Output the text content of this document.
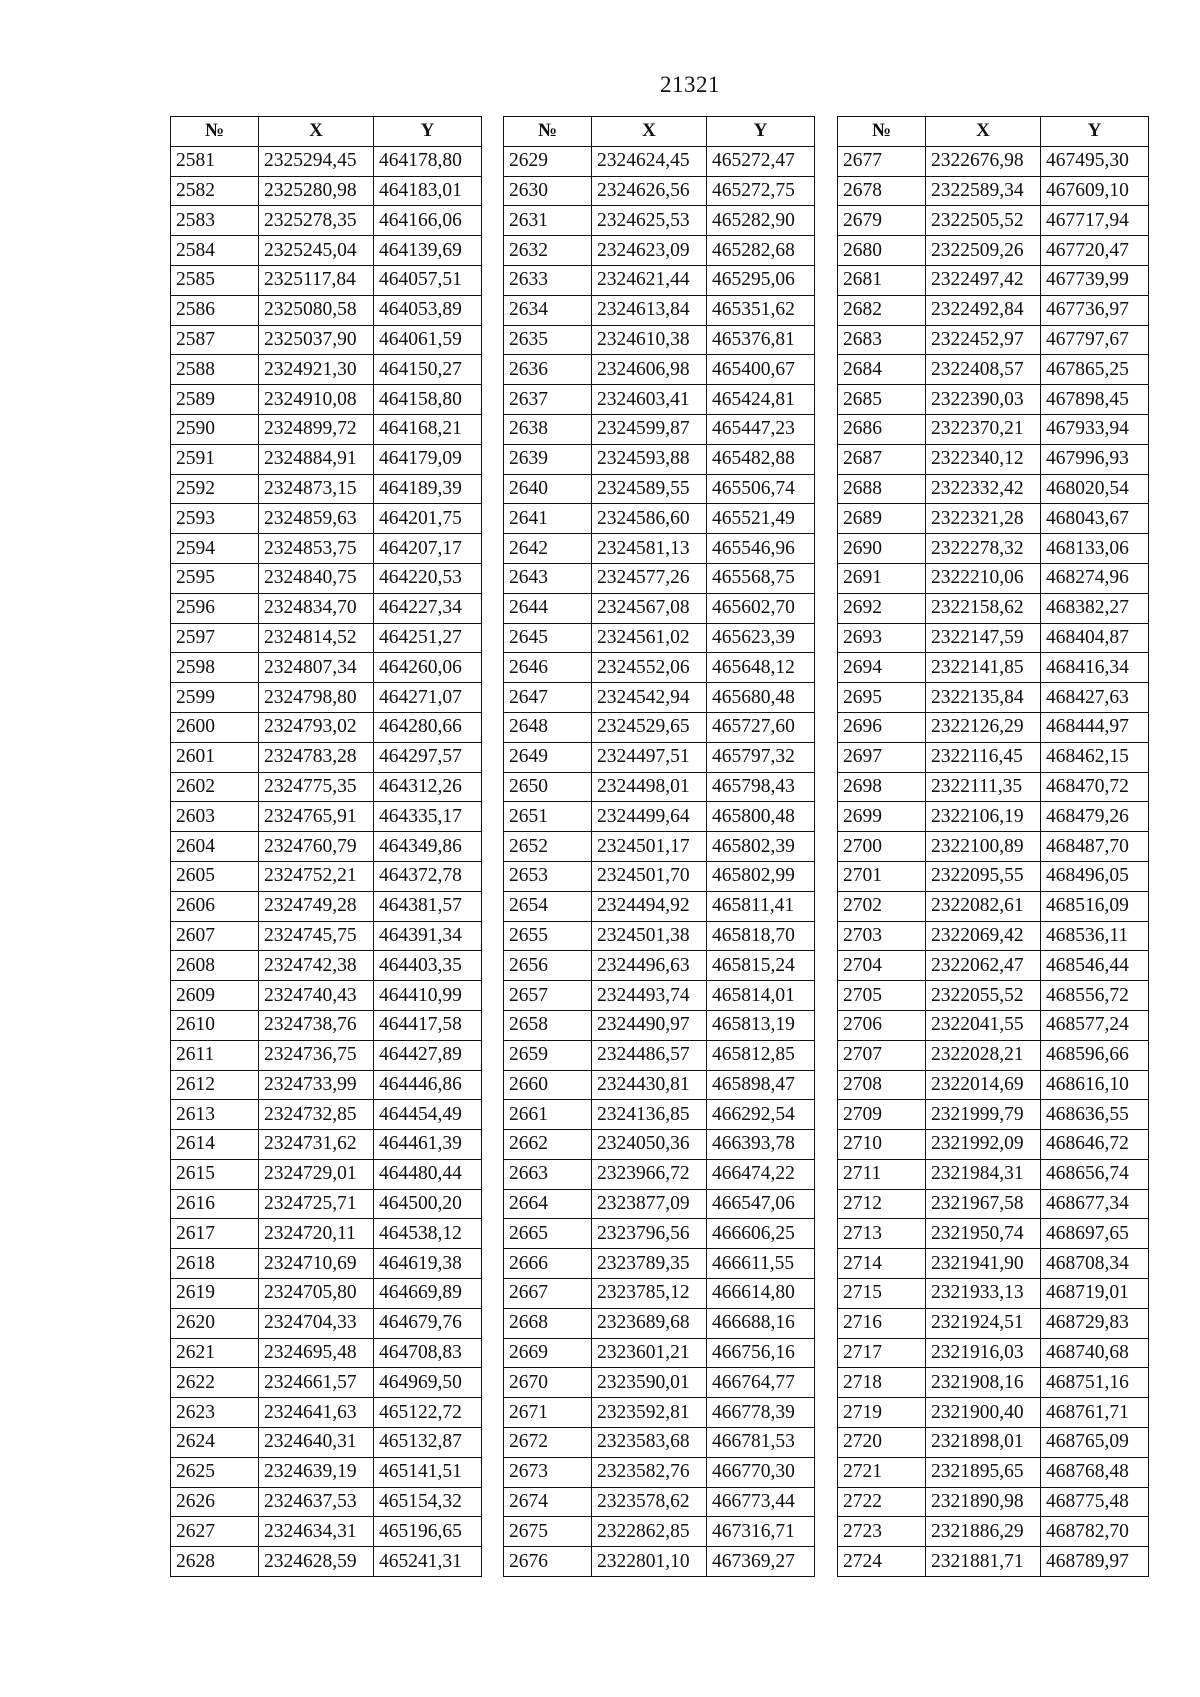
21321
№	X	Y
2581	2325294,45	464178,80
2582	2325280,98	464183,01
2583	2325278,35	464166,06
2584	2325245,04	464139,69
2585	2325117,84	464057,51
2586	2325080,58	464053,89
2587	2325037,90	464061,59
2588	2324921,30	464150,27
2589	2324910,08	464158,80
2590	2324899,72	464168,21
2591	2324884,91	464179,09
2592	2324873,15	464189,39
2593	2324859,63	464201,75
2594	2324853,75	464207,17
2595	2324840,75	464220,53
2596	2324834,70	464227,34
2597	2324814,52	464251,27
2598	2324807,34	464260,06
2599	2324798,80	464271,07
2600	2324793,02	464280,66
2601	2324783,28	464297,57
2602	2324775,35	464312,26
2603	2324765,91	464335,17
2604	2324760,79	464349,86
2605	2324752,21	464372,78
2606	2324749,28	464381,57
2607	2324745,75	464391,34
2608	2324742,38	464403,35
2609	2324740,43	464410,99
2610	2324738,76	464417,58
2611	2324736,75	464427,89
2612	2324733,99	464446,86
2613	2324732,85	464454,49
2614	2324731,62	464461,39
2615	2324729,01	464480,44
2616	2324725,71	464500,20
2617	2324720,11	464538,12
2618	2324710,69	464619,38
2619	2324705,80	464669,89
2620	2324704,33	464679,76
2621	2324695,48	464708,83
2622	2324661,57	464969,50
2623	2324641,63	465122,72
2624	2324640,31	465132,87
2625	2324639,19	465141,51
2626	2324637,53	465154,32
2627	2324634,31	465196,65
2628	2324628,59	465241,31
№	X	Y
2629	2324624,45	465272,47
2630	2324626,56	465272,75
2631	2324625,53	465282,90
2632	2324623,09	465282,68
2633	2324621,44	465295,06
2634	2324613,84	465351,62
2635	2324610,38	465376,81
2636	2324606,98	465400,67
2637	2324603,41	465424,81
2638	2324599,87	465447,23
2639	2324593,88	465482,88
2640	2324589,55	465506,74
2641	2324586,60	465521,49
2642	2324581,13	465546,96
2643	2324577,26	465568,75
2644	2324567,08	465602,70
2645	2324561,02	465623,39
2646	2324552,06	465648,12
2647	2324542,94	465680,48
2648	2324529,65	465727,60
2649	2324497,51	465797,32
2650	2324498,01	465798,43
2651	2324499,64	465800,48
2652	2324501,17	465802,39
2653	2324501,70	465802,99
2654	2324494,92	465811,41
2655	2324501,38	465818,70
2656	2324496,63	465815,24
2657	2324493,74	465814,01
2658	2324490,97	465813,19
2659	2324486,57	465812,85
2660	2324430,81	465898,47
2661	2324136,85	466292,54
2662	2324050,36	466393,78
2663	2323966,72	466474,22
2664	2323877,09	466547,06
2665	2323796,56	466606,25
2666	2323789,35	466611,55
2667	2323785,12	466614,80
2668	2323689,68	466688,16
2669	2323601,21	466756,16
2670	2323590,01	466764,77
2671	2323592,81	466778,39
2672	2323583,68	466781,53
2673	2323582,76	466770,30
2674	2323578,62	466773,44
2675	2322862,85	467316,71
2676	2322801,10	467369,27
№	X	Y
2677	2322676,98	467495,30
2678	2322589,34	467609,10
2679	2322505,52	467717,94
2680	2322509,26	467720,47
2681	2322497,42	467739,99
2682	2322492,84	467736,97
2683	2322452,97	467797,67
2684	2322408,57	467865,25
2685	2322390,03	467898,45
2686	2322370,21	467933,94
2687	2322340,12	467996,93
2688	2322332,42	468020,54
2689	2322321,28	468043,67
2690	2322278,32	468133,06
2691	2322210,06	468274,96
2692	2322158,62	468382,27
2693	2322147,59	468404,87
2694	2322141,85	468416,34
2695	2322135,84	468427,63
2696	2322126,29	468444,97
2697	2322116,45	468462,15
2698	2322111,35	468470,72
2699	2322106,19	468479,26
2700	2322100,89	468487,70
2701	2322095,55	468496,05
2702	2322082,61	468516,09
2703	2322069,42	468536,11
2704	2322062,47	468546,44
2705	2322055,52	468556,72
2706	2322041,55	468577,24
2707	2322028,21	468596,66
2708	2322014,69	468616,10
2709	2321999,79	468636,55
2710	2321992,09	468646,72
2711	2321984,31	468656,74
2712	2321967,58	468677,34
2713	2321950,74	468697,65
2714	2321941,90	468708,34
2715	2321933,13	468719,01
2716	2321924,51	468729,83
2717	2321916,03	468740,68
2718	2321908,16	468751,16
2719	2321900,40	468761,71
2720	2321898,01	468765,09
2721	2321895,65	468768,48
2722	2321890,98	468775,48
2723	2321886,29	468782,70
2724	2321881,71	468789,97
